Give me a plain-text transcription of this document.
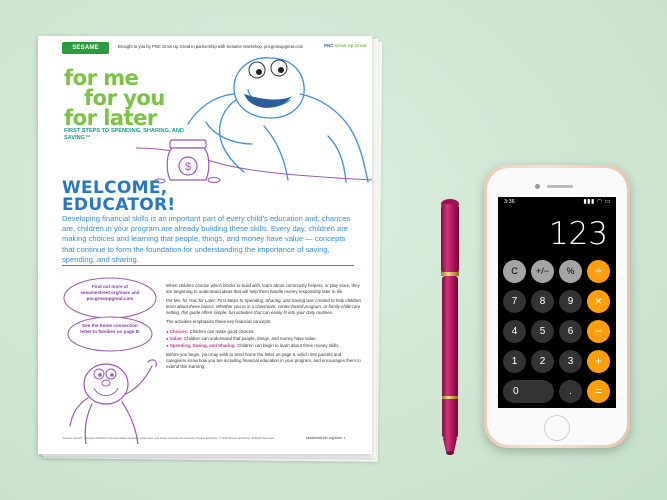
SESAME STREET
Brought to you by PNC Grow Up Great in partnership with Sesame Workshop. pncgrowupgreat.com	PNC Grow Up Great
$
for me
for you
for later
FIRST STEPS TO SPENDING, SHARING, AND SAVING™
WELCOME, EDUCATOR!
Developing financial skills is an important part of every child’s education and, chances are, children in your program are already building these skills. Every day, children are making choices and learning that people, things, and money have value — concepts that continue to form the foundation for understanding the importance of saving, spending, and sharing.
Find out more at sesamestreet.org/save and pncgrowupgreat.com
See the home connection letter to families on page 8!

When children choose which blocks to build with, learn about community helpers, or play store, they are beginning to understand ideas that will help them handle money responsibly later in life.

For Me, for You, for Later: First Steps to Spending, Sharing, and Saving was created to help children learn about these basics. Whether you’re in a classroom, center-based program, or family child-care setting, this guide offers simple, fun activities that can easily fit into your daily routines.

The activities emphasize these key financial concepts:

● Choices: Children can make good choices.
● Value: Children can understand that people, things, and money have value.
● Spending, Saving, and Sharing: Children can begin to learn about three money skills.

Before you begin, you may wish to send home the letter on page 8, which lets parents and caregivers know how you are including financial education in your program, and encourages them to extend this learning.

“Sesame Street®”, “Sesame Workshop” and associated characters, trademarks, and design elements are owned by Sesame Workshop. © 2013 Sesame Workshop. All Rights Reserved.	sesamestreet.org/save 1
3:36	▮▮▮ ◠ ▭
123
C	+/−	%	÷
7	8	9	×
4	5	6	−
1	2	3	+
0	.	=
